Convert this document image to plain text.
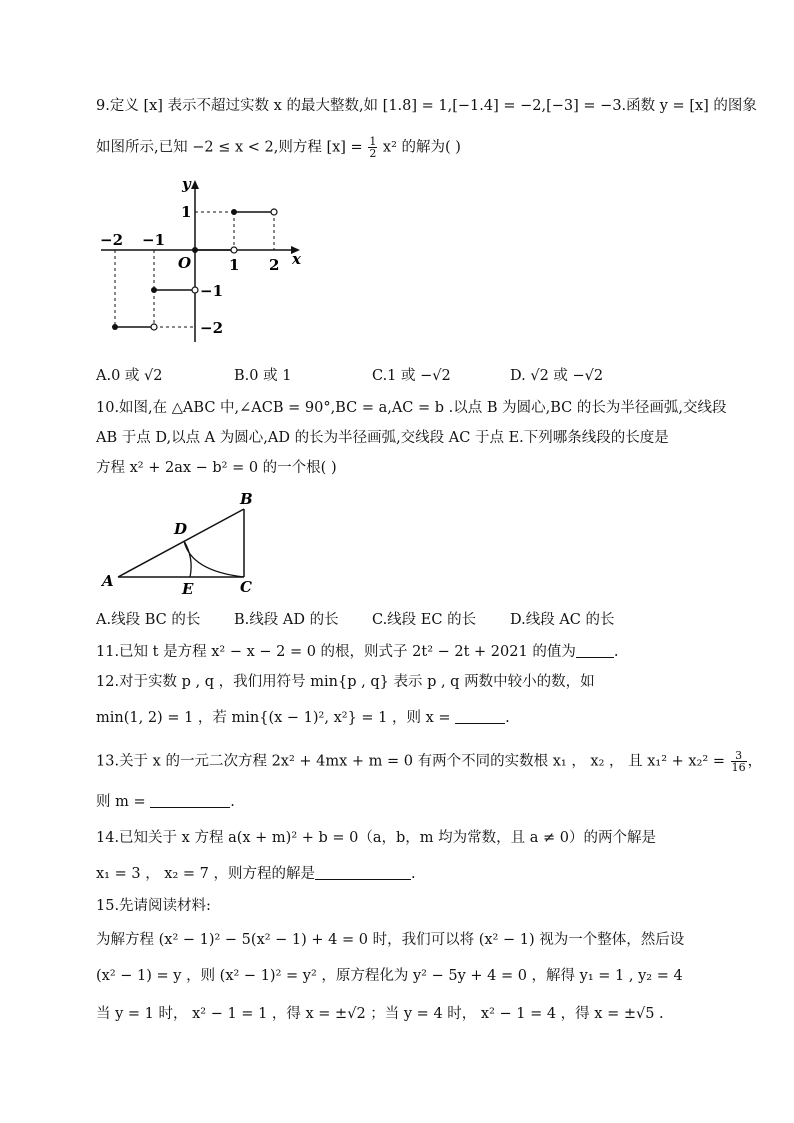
9.定义 [x] 表示不超过实数 x 的最大整数,如 [1.8] = 1,[−1.4] = −2,[−3] = −3.函数 y = [x] 的图象
如图所示,已知 −2 ≤ x < 2,则方程 $[x] = \frac{1}{2} x^2$ 的解为( )
y
x
O
−2 −1
1 2
1
−1
−2
A.0 或 √2	B.0 或 1	C.1 或 −√2	D. √2 或 −√2
10.如图,在 △ABC 中,∠ACB = 90°,BC = a,AC = b .以点 B 为圆心,BC 的长为半径画弧,交线段
AB 于点 D,以点 A 为圆心,AD 的长为半径画弧,交线段 AC 于点 E.下列哪条线段的长度是
方程 x² + 2ax − b² = 0 的一个根( )
A
B
C
D
E
A.线段 BC 的长 B.线段 AD 的长 C.线段 EC 的长 D.线段 AC 的长
11.已知 t 是方程 x² − x − 2 = 0 的根，则式子 2t² − 2t + 2021 的值为	.
12.对于实数 p , q ，我们用符号 min{p , q} 表示 p , q 两数中较小的数，如
min(1, 2) = 1 ，若 min{(x − 1)², x²} = 1 ，则 x =	.
13.关于 x 的一元二次方程 2x² + 4mx + m = 0 有两个不同的实数根 x₁ ， x₂ ， 且 $x_1^2 + x_2^2 = \frac{3}{16}$ ，
则 m =	.
14.已知关于 x 方程 a(x + m)² + b = 0（a，b，m 均为常数，且 a ≠ 0）的两个解是
x₁ = 3 ， x₂ = 7 ，则方程的解是	.
15.先请阅读材料:
为解方程 (x² − 1)² − 5(x² − 1) + 4 = 0 时，我们可以将 (x² − 1) 视为一个整体，然后设
(x² − 1) = y ，则 (x² − 1)² = y² ，原方程化为 y² − 5y + 4 = 0 ，解得 y₁ = 1 , y₂ = 4
当 y = 1 时， x² − 1 = 1 ，得 x = ±√2 ；当 y = 4 时， x² − 1 = 4 ，得 x = ±√5 .
